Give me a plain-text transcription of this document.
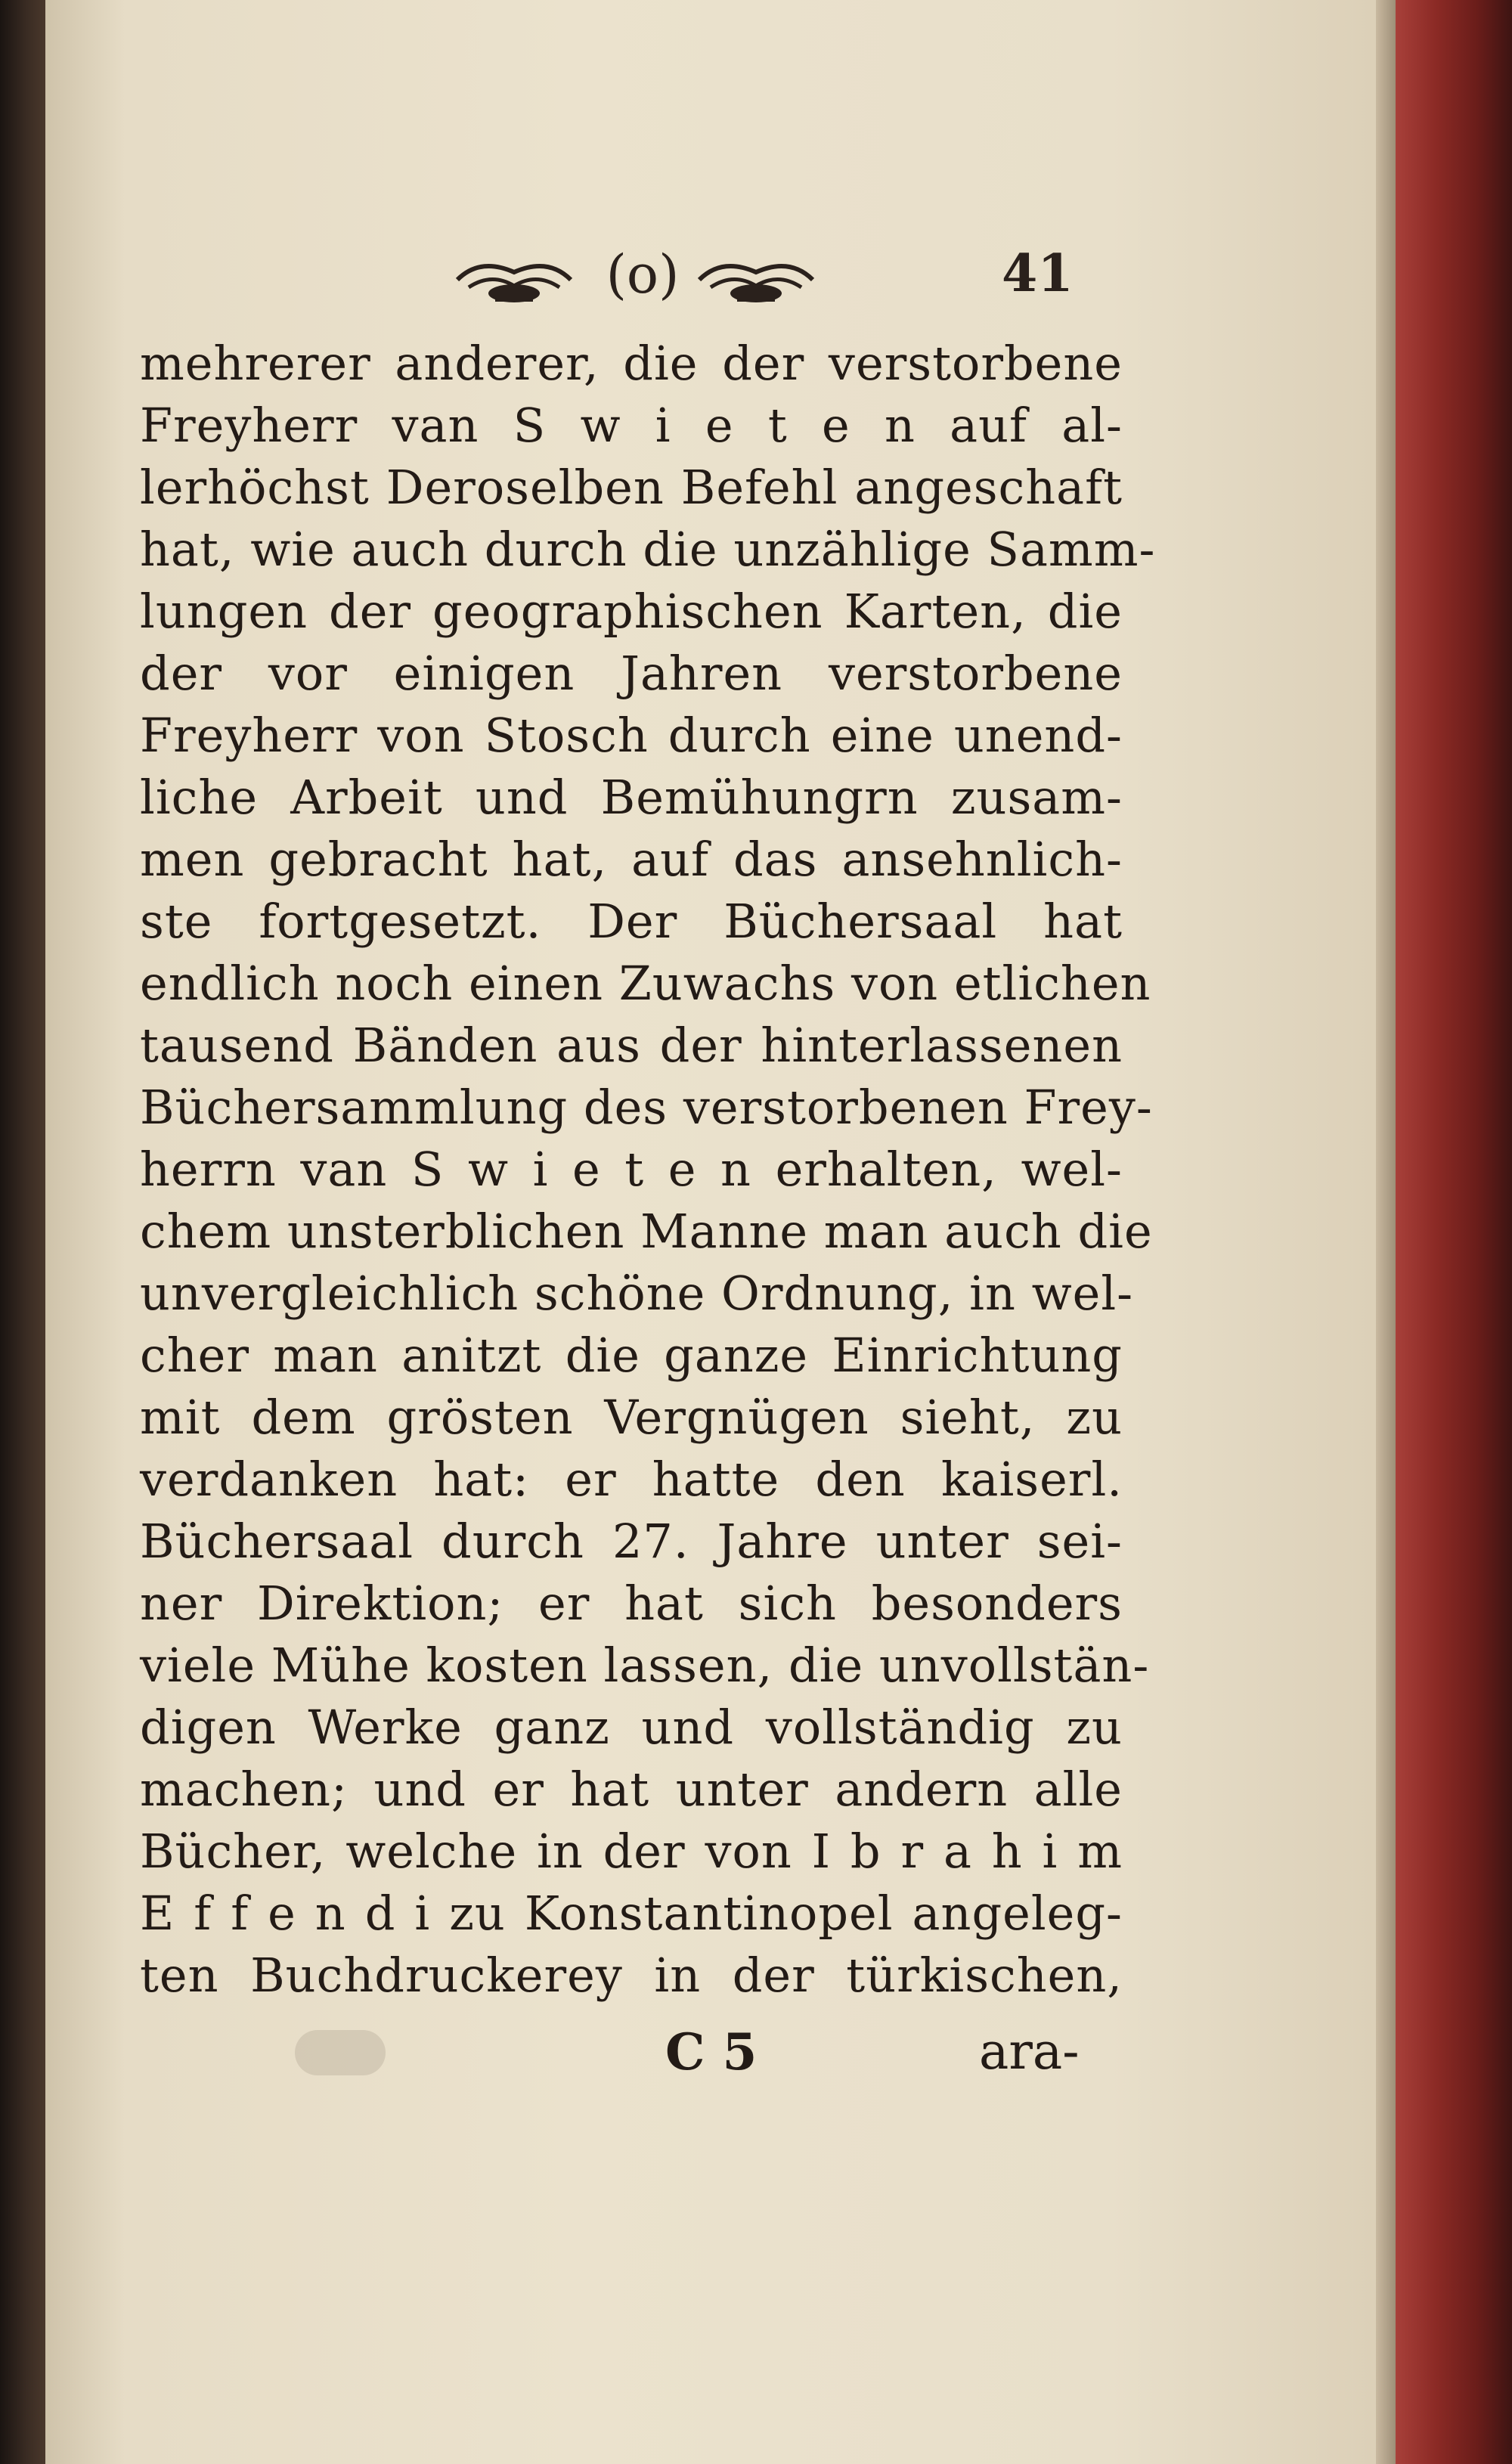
(o)	41
mehrerer anderer, die der verstorbene
Freyherr van S w i e t e n auf al-
lerhöchst Deroselben Befehl angeschaft
hat, wie auch durch die unzählige Samm-
lungen der geographischen Karten, die
der vor einigen Jahren verstorbene
Freyherr von Stosch durch eine unend-
liche Arbeit und Bemühungrn zusam-
men gebracht hat, auf das ansehnlich-
ste fortgesetzt. Der Büchersaal hat
endlich noch einen Zuwachs von etlichen
tausend Bänden aus der hinterlassenen
Büchersammlung des verstorbenen Frey-
herrn van S w i e t e n erhalten, wel-
chem unsterblichen Manne man auch die
unvergleichlich schöne Ordnung, in wel-
cher man anitzt die ganze Einrichtung
mit dem grösten Vergnügen sieht, zu
verdanken hat: er hatte den kaiserl.
Büchersaal durch 27. Jahre unter sei-
ner Direktion; er hat sich besonders
viele Mühe kosten lassen, die unvollstän-
digen Werke ganz und vollständig zu
machen; und er hat unter andern alle
Bücher, welche in der von I b r a h i m
E f f e n d i zu Konstantinopel angeleg-
ten Buchdruckerey in der türkischen,
C 5	ara-
